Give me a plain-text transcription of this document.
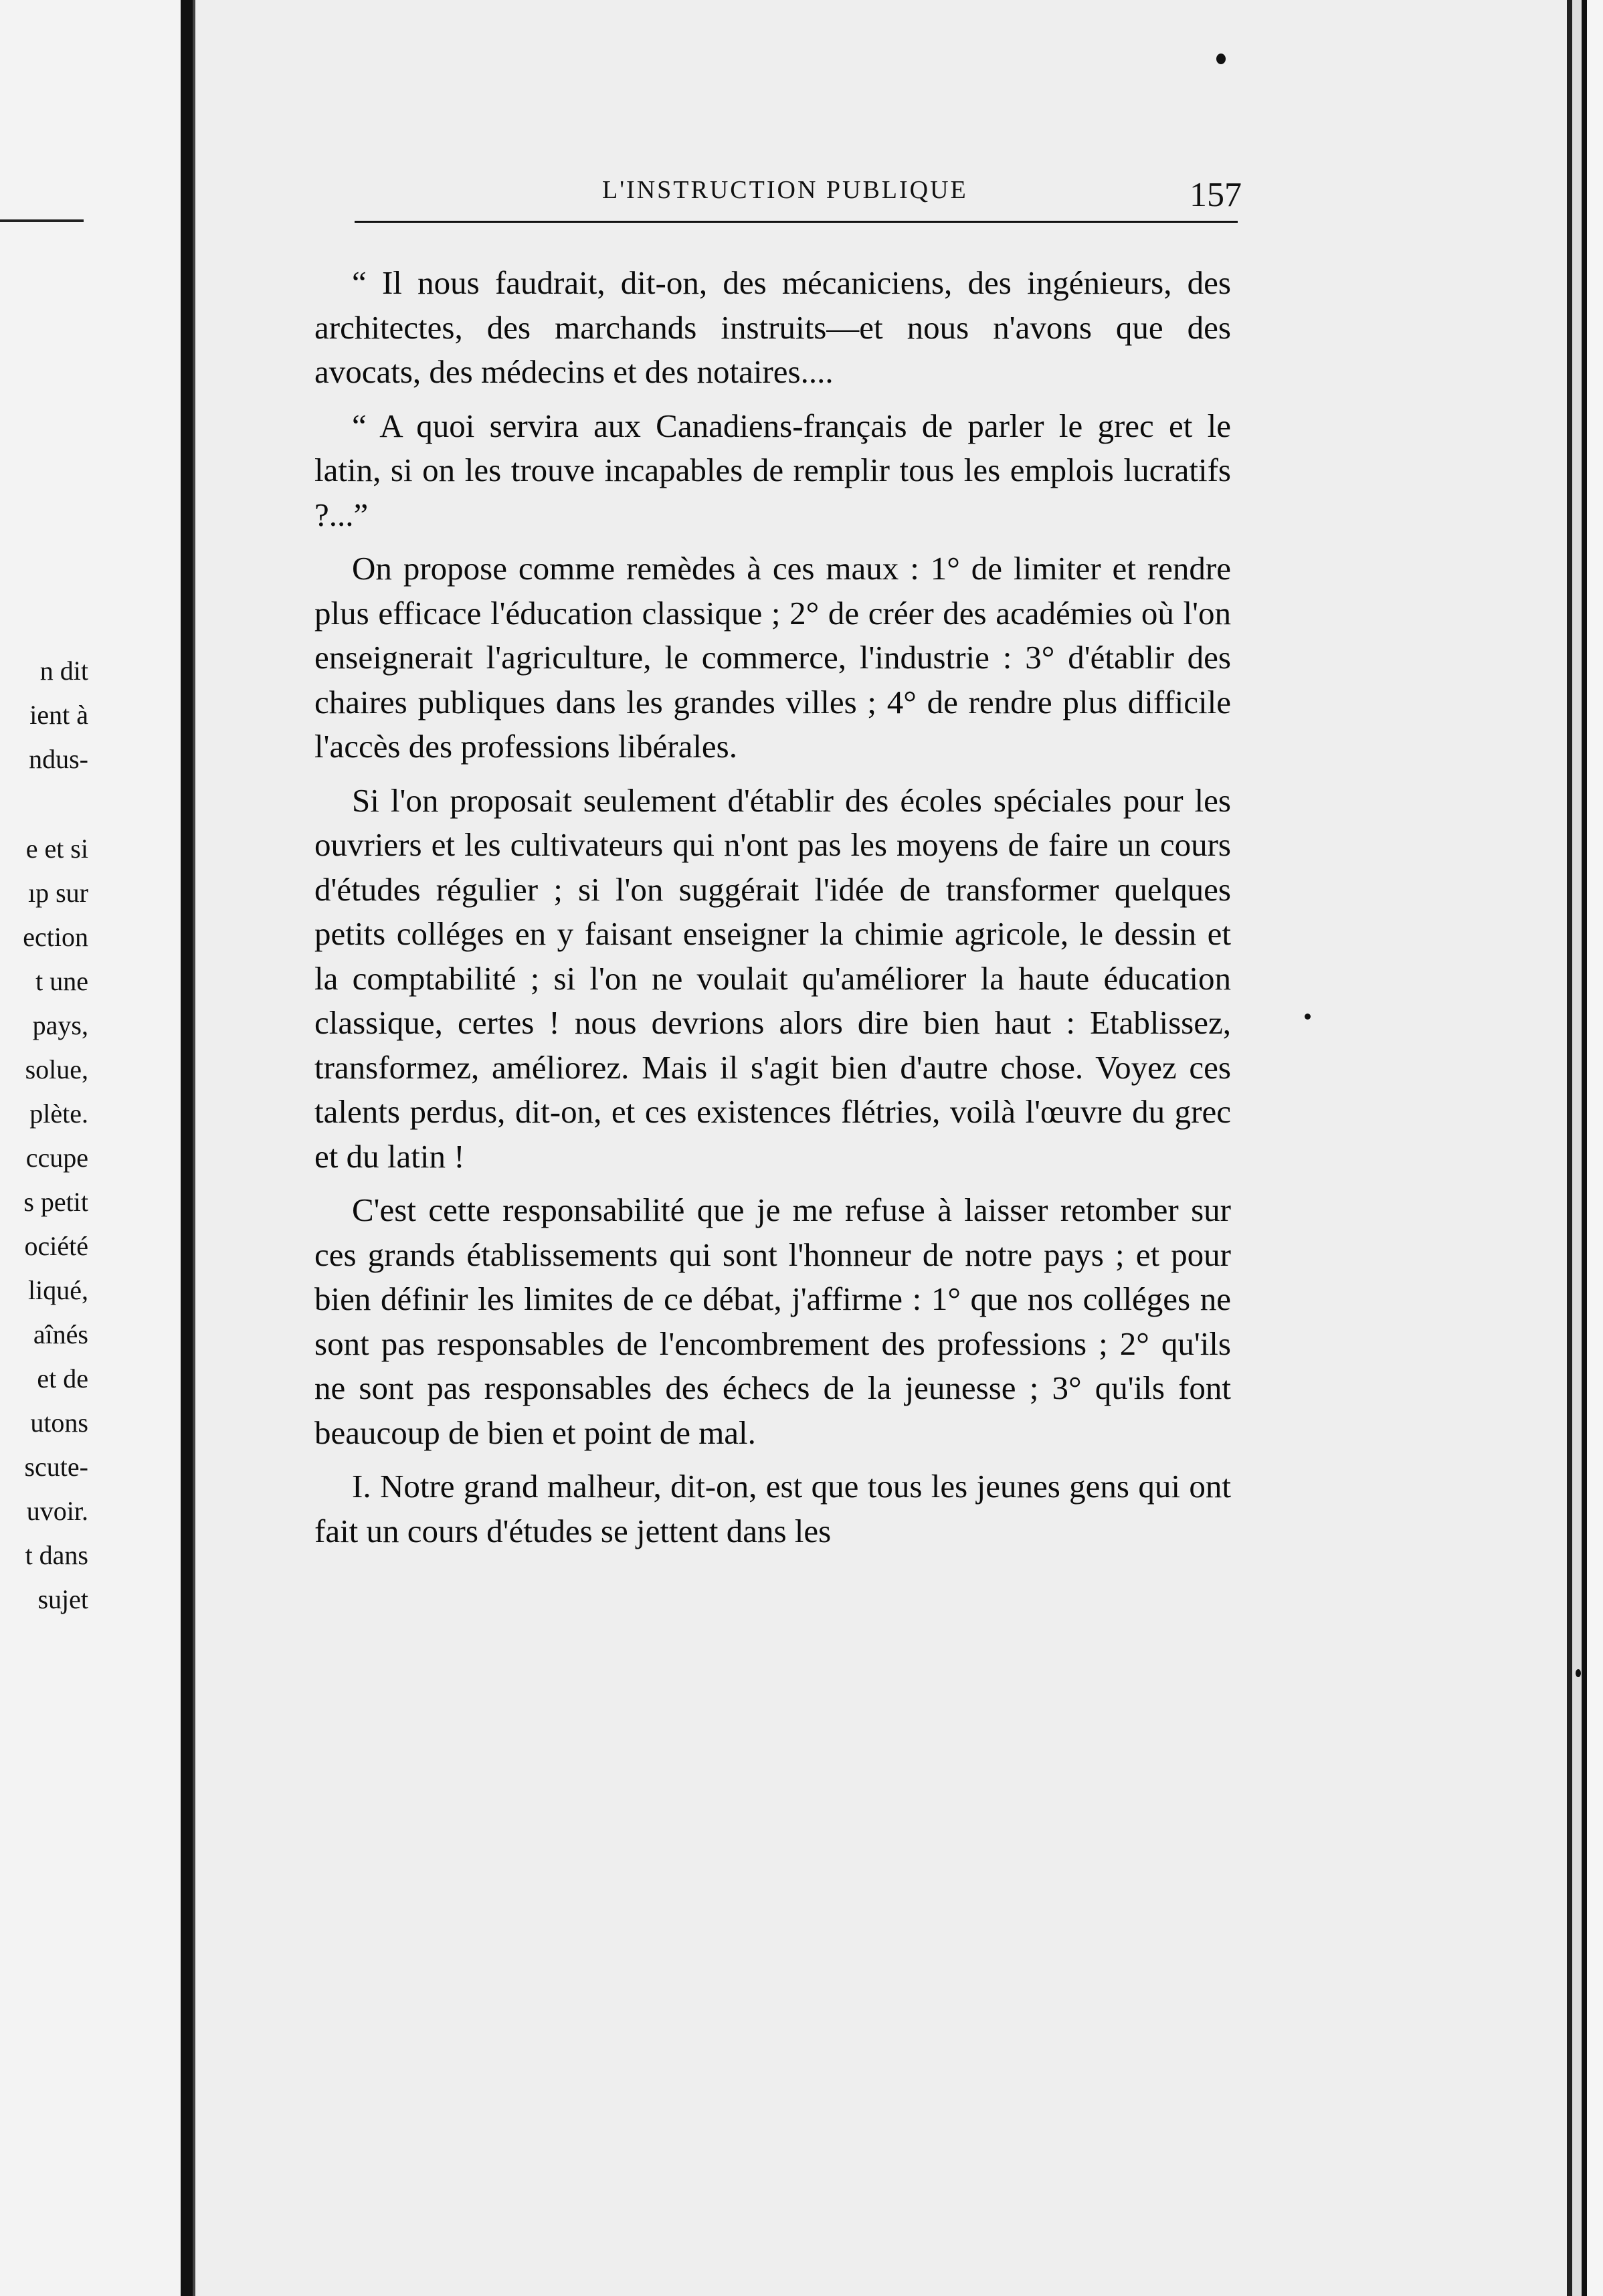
n dit
ient à
ndus-
e et si
ıp sur
ection
t une
pays,
solue,
plète.
ccupe
s petit
ociété
liqué,
aînés
et de
utons
scute-
uvoir.
t dans
sujet
L'INSTRUCTION PUBLIQUE	157

“ Il nous faudrait, dit-on, des mécaniciens, des ingénieurs, des architectes, des marchands instruits—et nous n'avons que des avocats, des médecins et des notaires....

“ A quoi servira aux Canadiens-français de parler le grec et le latin, si on les trouve incapables de remplir tous les emplois lucratifs ?...”

On propose comme remèdes à ces maux : 1° de limiter et rendre plus efficace l'éducation classique ; 2° de créer des académies où l'on enseignerait l'agriculture, le commerce, l'industrie : 3° d'établir des chaires publiques dans les grandes villes ; 4° de rendre plus difficile l'accès des professions libérales.

Si l'on proposait seulement d'établir des écoles spéciales pour les ouvriers et les cultivateurs qui n'ont pas les moyens de faire un cours d'études régulier ; si l'on suggérait l'idée de transformer quelques petits colléges en y faisant enseigner la chimie agricole, le dessin et la comptabilité ; si l'on ne voulait qu'améliorer la haute éducation classique, certes ! nous devrions alors dire bien haut : Etablissez, transformez, améliorez. Mais il s'agit bien d'autre chose. Voyez ces talents perdus, dit-on, et ces existences flétries, voilà l'œuvre du grec et du latin !

C'est cette responsabilité que je me refuse à laisser retomber sur ces grands établissements qui sont l'honneur de notre pays ; et pour bien définir les limites de ce débat, j'affirme : 1° que nos colléges ne sont pas responsables de l'encombrement des professions ; 2° qu'ils ne sont pas responsables des échecs de la jeunesse ; 3° qu'ils font beaucoup de bien et point de mal.

I. Notre grand malheur, dit-on, est que tous les jeunes gens qui ont fait un cours d'études se jettent dans les
